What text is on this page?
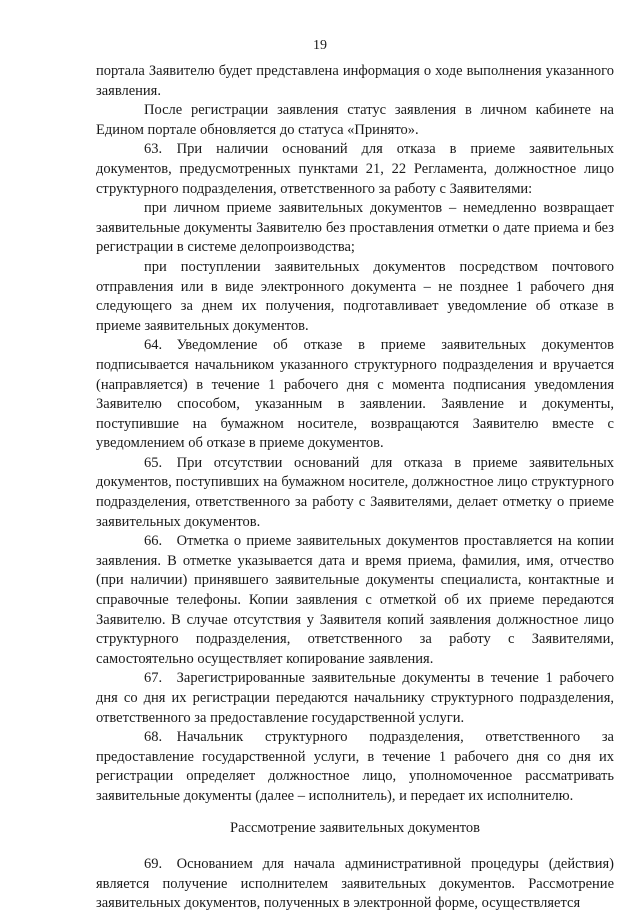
19

портала Заявителю будет представлена информация о ходе выполнения указанного заявления.

После регистрации заявления статус заявления в личном кабинете на Едином портале обновляется до статуса «Принято».

63. При наличии оснований для отказа в приеме заявительных документов, предусмотренных пунктами 21, 22 Регламента, должностное лицо структурного подразделения, ответственного за работу с Заявителями:

при личном приеме заявительных документов – немедленно возвращает заявительные документы Заявителю без проставления отметки о дате приема и без регистрации в системе делопроизводства;

при поступлении заявительных документов посредством почтового отправления или в виде электронного документа – не позднее 1 рабочего дня следующего за днем их получения, подготавливает уведомление об отказе в приеме заявительных документов.

64. Уведомление об отказе в приеме заявительных документов подписывается начальником указанного структурного подразделения и вручается (направляется) в течение 1 рабочего дня с момента подписания уведомления Заявителю способом, указанным в заявлении. Заявление и документы, поступившие на бумажном носителе, возвращаются Заявителю вместе с уведомлением об отказе в приеме документов.

65. При отсутствии оснований для отказа в приеме заявительных документов, поступивших на бумажном носителе, должностное лицо структурного подразделения, ответственного за работу с Заявителями, делает отметку о приеме заявительных документов.

66. Отметка о приеме заявительных документов проставляется на копии заявления. В отметке указывается дата и время приема, фамилия, имя, отчество (при наличии) принявшего заявительные документы специалиста, контактные и справочные телефоны. Копии заявления с отметкой об их приеме передаются Заявителю. В случае отсутствия у Заявителя копий заявления должностное лицо структурного подразделения, ответственного за работу с Заявителями, самостоятельно осуществляет копирование заявления.

67. Зарегистрированные заявительные документы в течение 1 рабочего дня со дня их регистрации передаются начальнику структурного подразделения, ответственного за предоставление государственной услуги.

68. Начальник структурного подразделения, ответственного за предоставление государственной услуги, в течение 1 рабочего дня со дня их регистрации определяет должностное лицо, уполномоченное рассматривать заявительные документы (далее – исполнитель), и передает их исполнителю.

Рассмотрение заявительных документов

69. Основанием для начала административной процедуры (действия) является получение исполнителем заявительных документов. Рассмотрение заявительных документов, полученных в электронной форме, осуществляется
